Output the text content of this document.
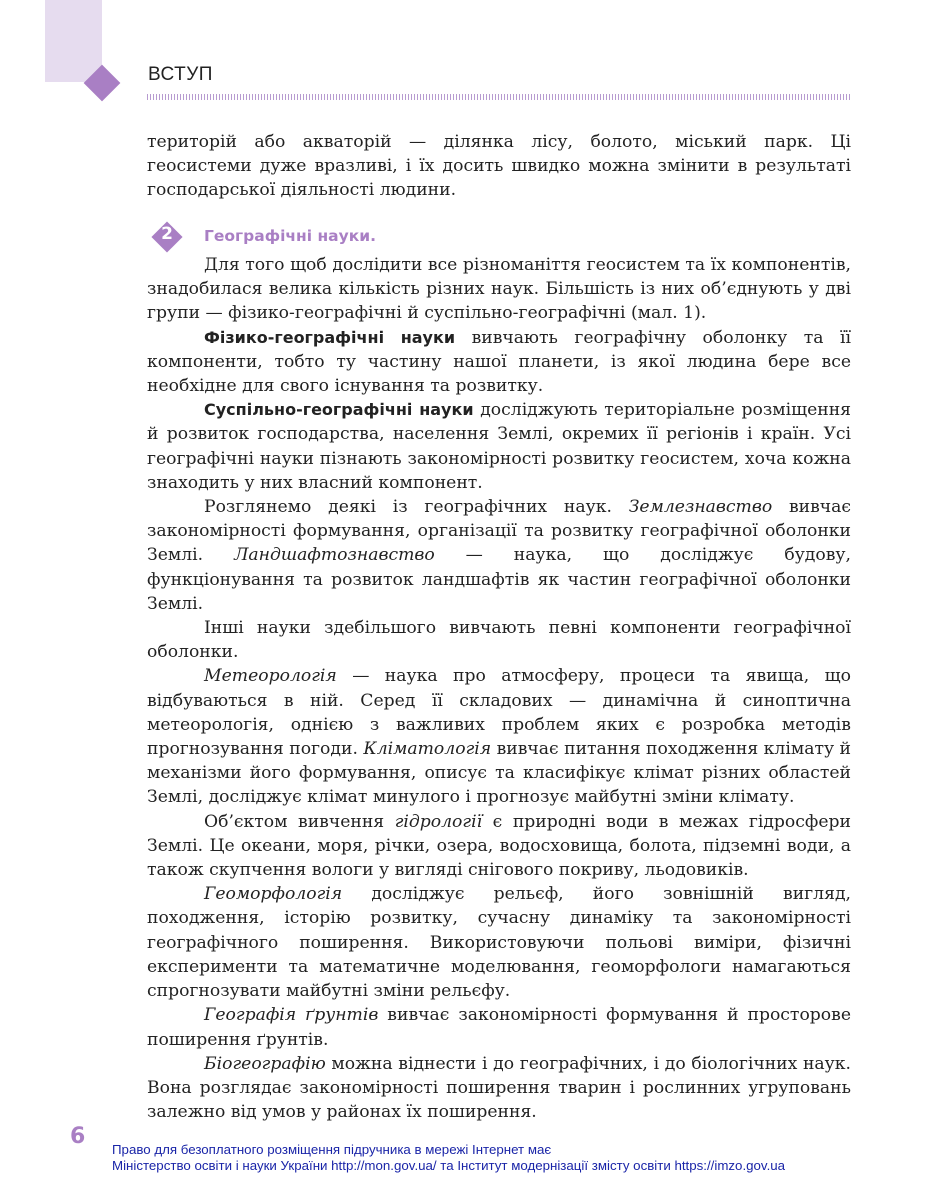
ВСТУП

територій або акваторій — ділянка лісу, болото, міський парк. Ці геосистеми дуже вразливі, і їх досить швидко можна змінити в результаті господарської діяльності людини.

2	Географічні науки.

Для того щоб дослідити все різноманіття геосистем та їх компонентів, знадобилася велика кількість різних наук. Більшість із них об’єднують у дві групи — фізико-географічні й суспільно-географічні (мал. 1).

Фізико-географічні науки вивчають географічну оболонку та її компоненти, тобто ту частину нашої планети, із якої людина бере все необхідне для свого існування та розвитку.

Суспільно-географічні науки досліджують територіальне розміщення й розвиток господарства, населення Землі, окремих її регіонів і країн. Усі географічні науки пізнають закономірності розвитку геосистем, хоча кожна знаходить у них власний компонент.

Розглянемо деякі із географічних наук. Землезнавство вивчає закономірності формування, організації та розвитку географічної оболонки Землі. Ландшафтознавство — наука, що досліджує будову, функціонування та розвиток ландшафтів як частин географічної оболонки Землі.

Інші науки здебільшого вивчають певні компоненти географічної оболонки.

Метеорологія — наука про атмосферу, процеси та явища, що відбуваються в ній. Серед її складових — динамічна й синоптична метеорологія, однією з важливих проблем яких є розробка методів прогнозування погоди. Кліматологія вивчає питання походження клімату й механізми його формування, описує та класифікує клімат різних областей Землі, досліджує клімат минулого і прогнозує майбутні зміни клімату.

Об’єктом вивчення гідрології є природні води в межах гідросфери Землі. Це океани, моря, річки, озера, водосховища, болота, підземні води, а також скупчення вологи у вигляді снігового покриву, льодовиків.

Геоморфологія досліджує рельєф, його зовнішній вигляд, походження, історію розвитку, сучасну динаміку та закономірності географічного поширення. Використовуючи польові виміри, фізичні експерименти та математичне моделювання, геоморфологи намагаються спрогнозувати майбутні зміни рельєфу.

Географія ґрунтів вивчає закономірності формування й просторове поширення ґрунтів.

Біогеографію можна віднести і до географічних, і до біологічних наук. Вона розглядає закономірності поширення тварин і рослинних угруповань залежно від умов у районах їх поширення.

6
Право для безоплатного розміщення підручника в мережі Інтернет має
Міністерство освіти і науки України http://mon.gov.ua/ та Інститут модернізації змісту освіти https://imzo.gov.ua
